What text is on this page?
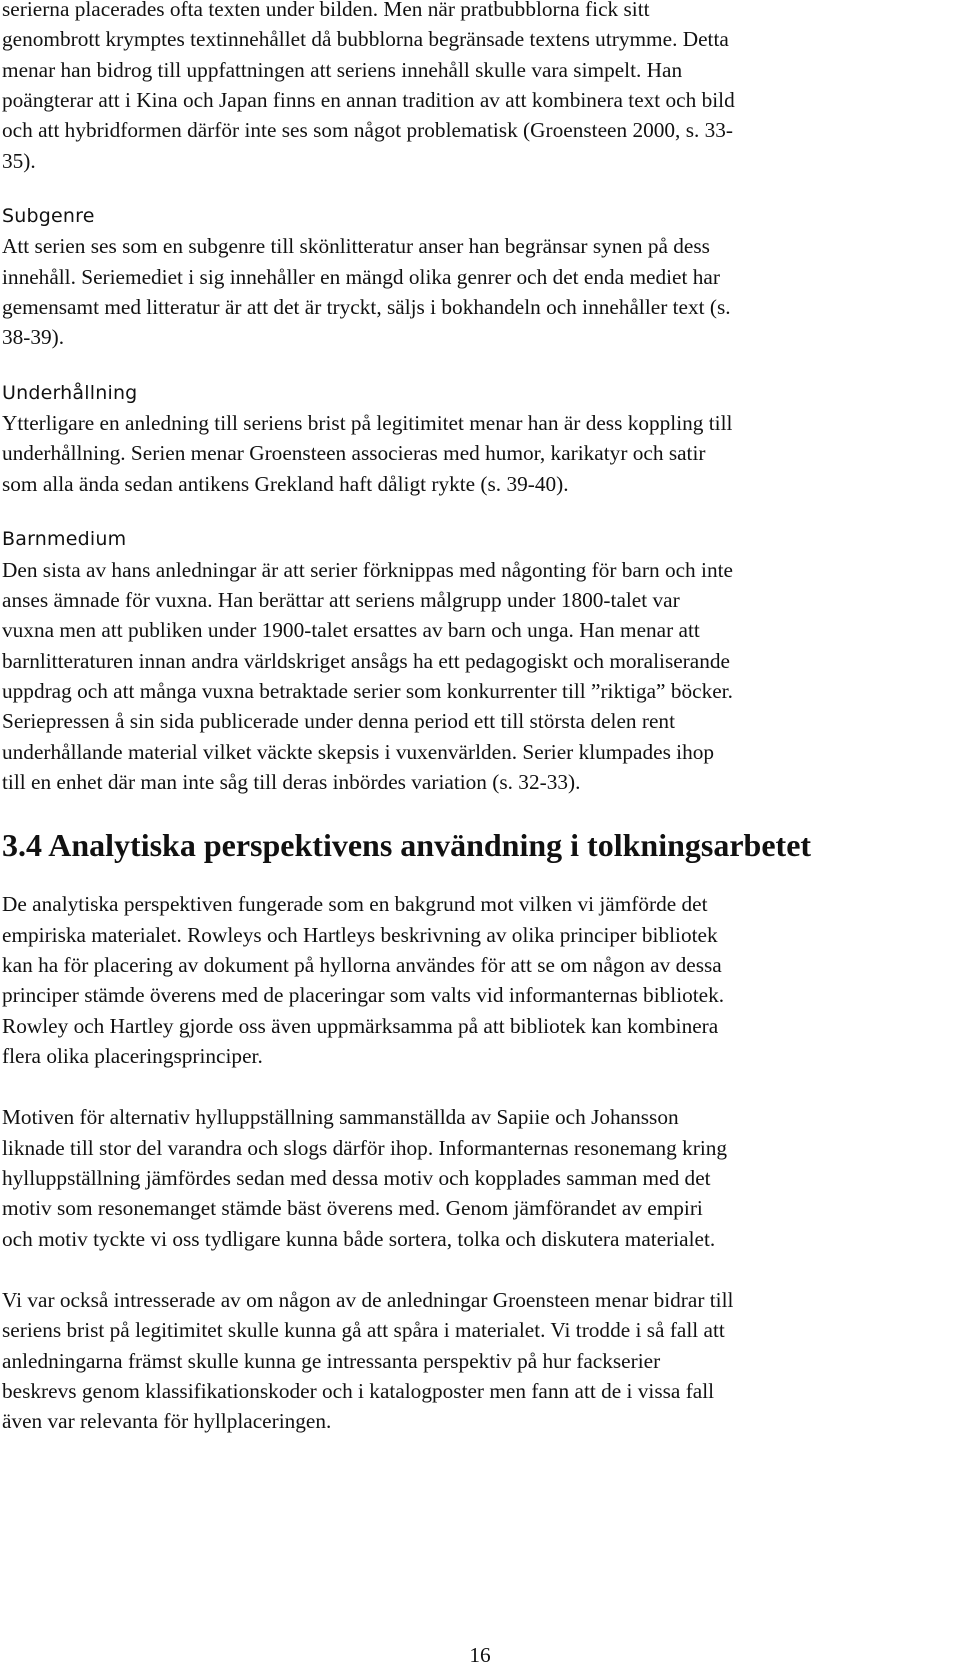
serierna placerades ofta texten under bilden. Men när pratbubblorna fick sitt
genombrott krymptes textinnehållet då bubblorna begränsade textens utrymme. Detta
menar han bidrog till uppfattningen att seriens innehåll skulle vara simpelt. Han
poängterar att i Kina och Japan finns en annan tradition av att kombinera text och bild
och att hybridformen därför inte ses som något problematisk (Groensteen 2000, s. 33-
35).
Subgenre
Att serien ses som en subgenre till skönlitteratur anser han begränsar synen på dess
innehåll. Seriemediet i sig innehåller en mängd olika genrer och det enda mediet har
gemensamt med litteratur är att det är tryckt, säljs i bokhandeln och innehåller text (s.
38-39).
Underhållning
Ytterligare en anledning till seriens brist på legitimitet menar han är dess koppling till
underhållning. Serien menar Groensteen associeras med humor, karikatyr och satir
som alla ända sedan antikens Grekland haft dåligt rykte (s. 39-40).
Barnmedium
Den sista av hans anledningar är att serier förknippas med någonting för barn och inte
anses ämnade för vuxna. Han berättar att seriens målgrupp under 1800-talet var
vuxna men att publiken under 1900-talet ersattes av barn och unga. Han menar att
barnlitteraturen innan andra världskriget ansågs ha ett pedagogiskt och moraliserande
uppdrag och att många vuxna betraktade serier som konkurrenter till ”riktiga” böcker.
Seriepressen å sin sida publicerade under denna period ett till största delen rent
underhållande material vilket väckte skepsis i vuxenvärlden. Serier klumpades ihop
till en enhet där man inte såg till deras inbördes variation (s. 32-33).
3.4 Analytiska perspektivens användning i tolkningsarbetet
De analytiska perspektiven fungerade som en bakgrund mot vilken vi jämförde det
empiriska materialet. Rowleys och Hartleys beskrivning av olika principer bibliotek
kan ha för placering av dokument på hyllorna användes för att se om någon av dessa
principer stämde överens med de placeringar som valts vid informanternas bibliotek.
Rowley och Hartley gjorde oss även uppmärksamma på att bibliotek kan kombinera
flera olika placeringsprinciper.
Motiven för alternativ hylluppställning sammanställda av Sapiie och Johansson
liknade till stor del varandra och slogs därför ihop. Informanternas resonemang kring
hylluppställning jämfördes sedan med dessa motiv och kopplades samman med det
motiv som resonemanget stämde bäst överens med. Genom jämförandet av empiri
och motiv tyckte vi oss tydligare kunna både sortera, tolka och diskutera materialet.
Vi var också intresserade av om någon av de anledningar Groensteen menar bidrar till
seriens brist på legitimitet skulle kunna gå att spåra i materialet. Vi trodde i så fall att
anledningarna främst skulle kunna ge intressanta perspektiv på hur fackserier
beskrevs genom klassifikationskoder och i katalogposter men fann att de i vissa fall
även var relevanta för hyllplaceringen.
16
